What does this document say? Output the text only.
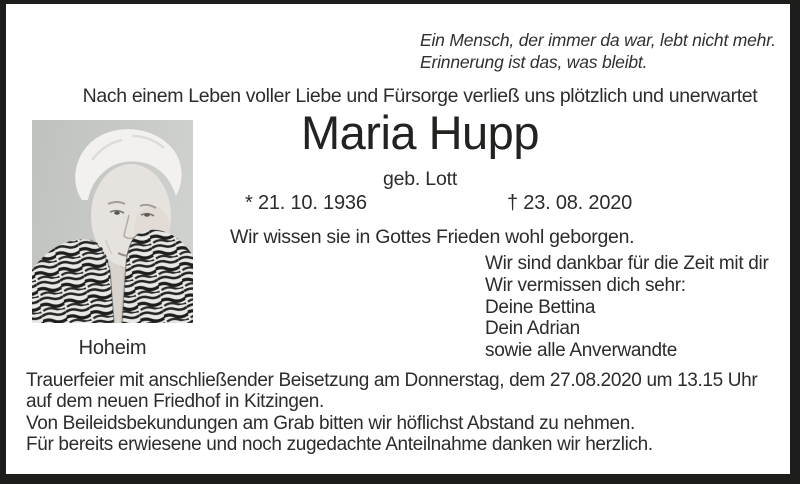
Ein Mensch, der immer da war, lebt nicht mehr.
Erinnerung ist das, was bleibt.
Nach einem Leben voller Liebe und Fürsorge verließ uns plötzlich und unerwartet
Maria Hupp
geb. Lott
* 21. 10. 1936	† 23. 08. 2020
Wir wissen sie in Gottes Frieden wohl geborgen.
Hoheim
Wir sind dankbar für die Zeit mit dir
Wir vermissen dich sehr:
Deine Bettina
Dein Adrian
sowie alle Anverwandte
Trauerfeier mit anschließender Beisetzung am Donnerstag, dem 27.08.2020 um 13.15 Uhr
auf dem neuen Friedhof in Kitzingen.
Von Beileidsbekundungen am Grab bitten wir höflichst Abstand zu nehmen.
Für bereits erwiesene und noch zugedachte Anteilnahme danken wir herzlich.
